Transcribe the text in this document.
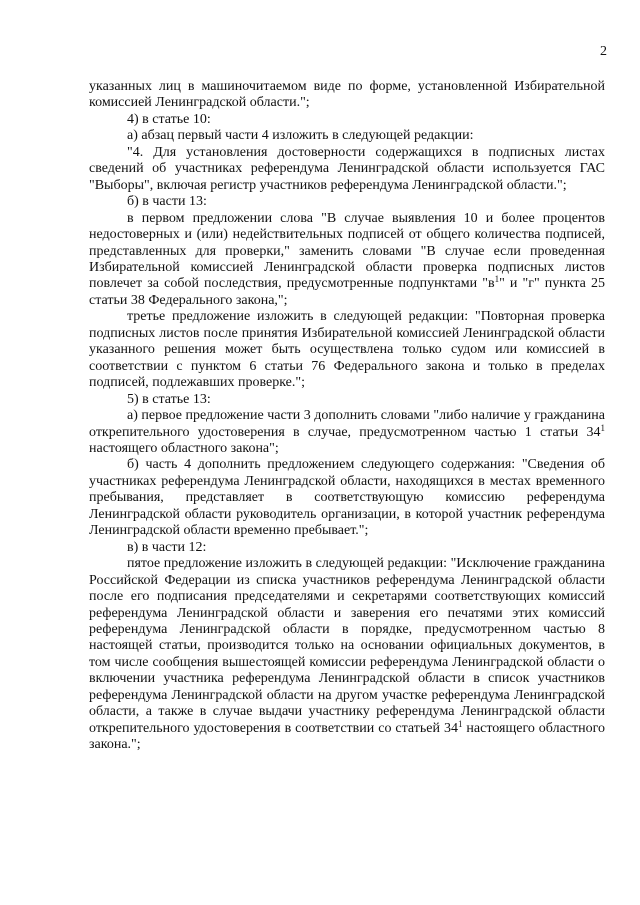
2

указанных лиц в машиночитаемом виде по форме, установленной Избирательной комиссией Ленинградской области.";

4) в статье 10:

а) абзац первый части 4 изложить в следующей редакции:

"4. Для установления достоверности содержащихся в подписных листах сведений об участниках референдума Ленинградской области используется ГАС "Выборы", включая регистр участников референдума Ленинградской области.";

б) в части 13:

в первом предложении слова "В случае выявления 10 и более процентов недостоверных и (или) недействительных подписей от общего количества подписей, представленных для проверки," заменить словами "В случае если проведенная Избирательной комиссией Ленинградской области проверка подписных листов повлечет за собой последствия, предусмотренные подпунктами "$в^1$" и "г" пункта 25 статьи 38 Федерального закона,";

третье предложение изложить в следующей редакции: "Повторная проверка подписных листов после принятия Избирательной комиссией Ленинградской области указанного решения может быть осуществлена только судом или комиссией в соответствии с пунктом 6 статьи 76 Федерального закона и только в пределах подписей, подлежавших проверке.";

5) в статье 13:

а) первое предложение части 3 дополнить словами "либо наличие у гражданина открепительного удостоверения в случае, предусмотренном частью 1 статьи $34^1$ настоящего областного закона";

б) часть 4 дополнить предложением следующего содержания: "Сведения об участниках референдума Ленинградской области, находящихся в местах временного пребывания, представляет в соответствующую комиссию референдума Ленинградской области руководитель организации, в которой участник референдума Ленинградской области временно пребывает.";

в) в части 12:

пятое предложение изложить в следующей редакции: "Исключение гражданина Российской Федерации из списка участников референдума Ленинградской области после его подписания председателями и секретарями соответствующих комиссий референдума Ленинградской области и заверения его печатями этих комиссий референдума Ленинградской области в порядке, предусмотренном частью 8 настоящей статьи, производится только на основании официальных документов, в том числе сообщения вышестоящей комиссии референдума Ленинградской области о включении участника референдума Ленинградской области в список участников референдума Ленинградской области на другом участке референдума Ленинградской области, а также в случае выдачи участнику референдума Ленинградской области открепительного удостоверения в соответствии со статьей $34^1$ настоящего областного закона.";
